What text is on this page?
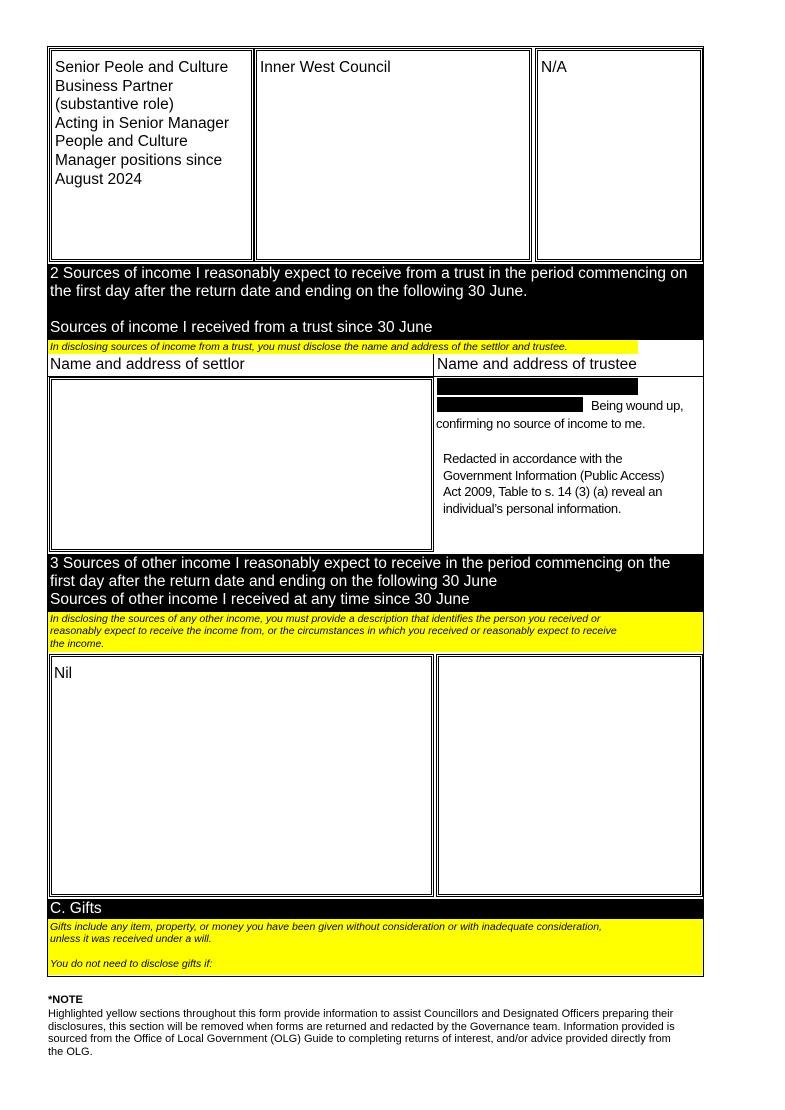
Senior Peole and Culture
Business Partner
(substantive role)
Acting in Senior Manager
People and Culture
Manager positions since
August 2024
Inner West Council	N/A
2 Sources of income I reasonably expect to receive from a trust in the period commencing on
the first day after the return date and ending on the following 30 June.
Sources of income I received from a trust since 30 June
In disclosing sources of income from a trust, you must disclose the name and address of the settlor and trustee.
Name and address of settlor	Name and address of trustee
Being wound up,
confirming no source of income to me.
Redacted in accordance with the
Government Information (Public Access)
Act 2009, Table to s. 14 (3) (a) reveal an
individual’s personal information.
3 Sources of other income I reasonably expect to receive in the period commencing on the
first day after the return date and ending on the following 30 June
Sources of other income I received at any time since 30 June
In disclosing the sources of any other income, you must provide a description that identifies the person you received or
reasonably expect to receive the income from, or the circumstances in which you received or reasonably expect to receive
the income.
Nil
C. Gifts
Gifts include any item, property, or money you have been given without consideration or with inadequate consideration,
unless it was received under a will.
You do not need to disclose gifts if:
*NOTE
Highlighted yellow sections throughout this form provide information to assist Councillors and Designated Officers preparing their
disclosures, this section will be removed when forms are returned and redacted by the Governance team. Information provided is
sourced from the Office of Local Government (OLG) Guide to completing returns of interest, and/or advice provided directly from
the OLG.
